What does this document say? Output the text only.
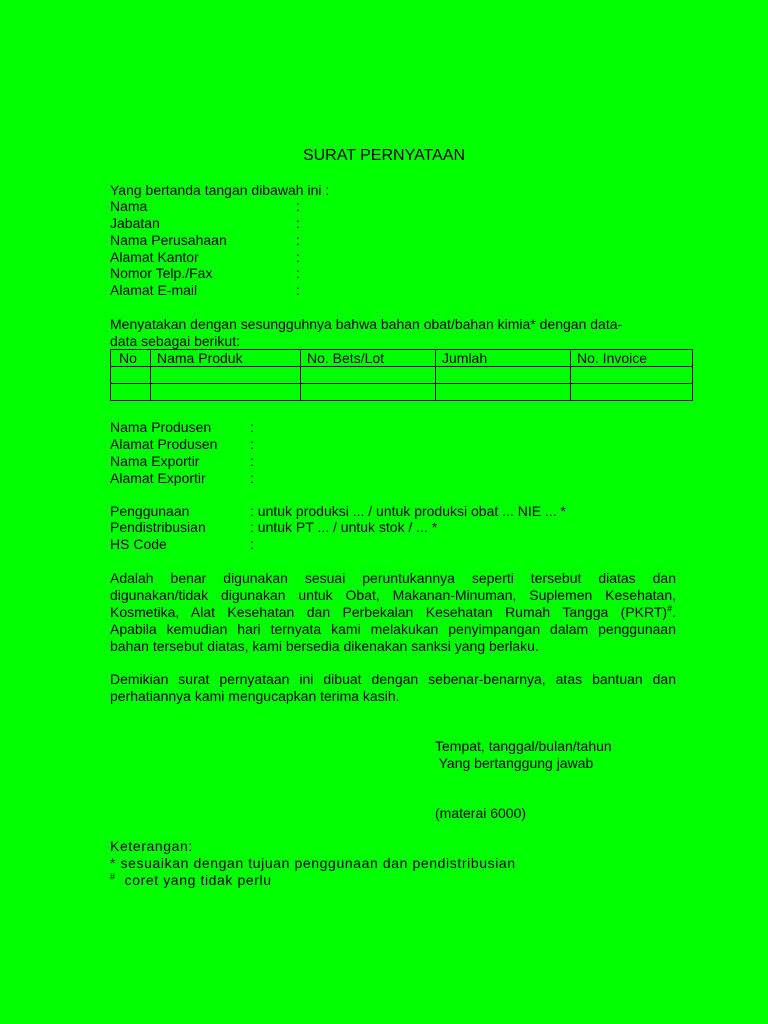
SURAT PERNYATAAN
Yang bertanda tangan dibawah ini :
Nama	:
Jabatan	:
Nama Perusahaan	:
Alamat Kantor	:
Nomor Telp./Fax	:
Alamat E-mail	:
Menyatakan dengan sesungguhnya bahwa bahan obat/bahan kimia* dengan data-
data sebagai berikut:
No	Nama Produk	No. Bets/Lot	Jumlah	No. Invoice

Nama Produsen	:
Alamat Produsen :
Nama Exportir	:
Alamat Exportir	:
Penggunaan	: untuk produksi ... / untuk produksi obat ... NIE ... *
Pendistribusian	: untuk PT ... / untuk stok / ... *
HS Code	:
Adalah benar digunakan sesuai peruntukannya seperti tersebut diatas dan
digunakan/tidak digunakan untuk Obat, Makanan-Minuman, Suplemen Kesehatan,
Kosmetika, Alat Kesehatan dan Perbekalan Kesehatan Rumah Tangga (PKRT)#.
Apabila kemudian hari ternyata kami melakukan penyimpangan dalam penggunaan
bahan tersebut diatas, kami bersedia dikenakan sanksi yang berlaku.
Demikian surat pernyataan ini dibuat dengan sebenar-benarnya, atas bantuan dan
perhatiannya kami mengucapkan terima kasih.
Tempat, tanggal/bulan/tahun
Yang bertanggung jawab
(materai 6000)
Keterangan:
* sesuaikan dengan tujuan penggunaan dan pendistribusian
#  coret yang tidak perlu
